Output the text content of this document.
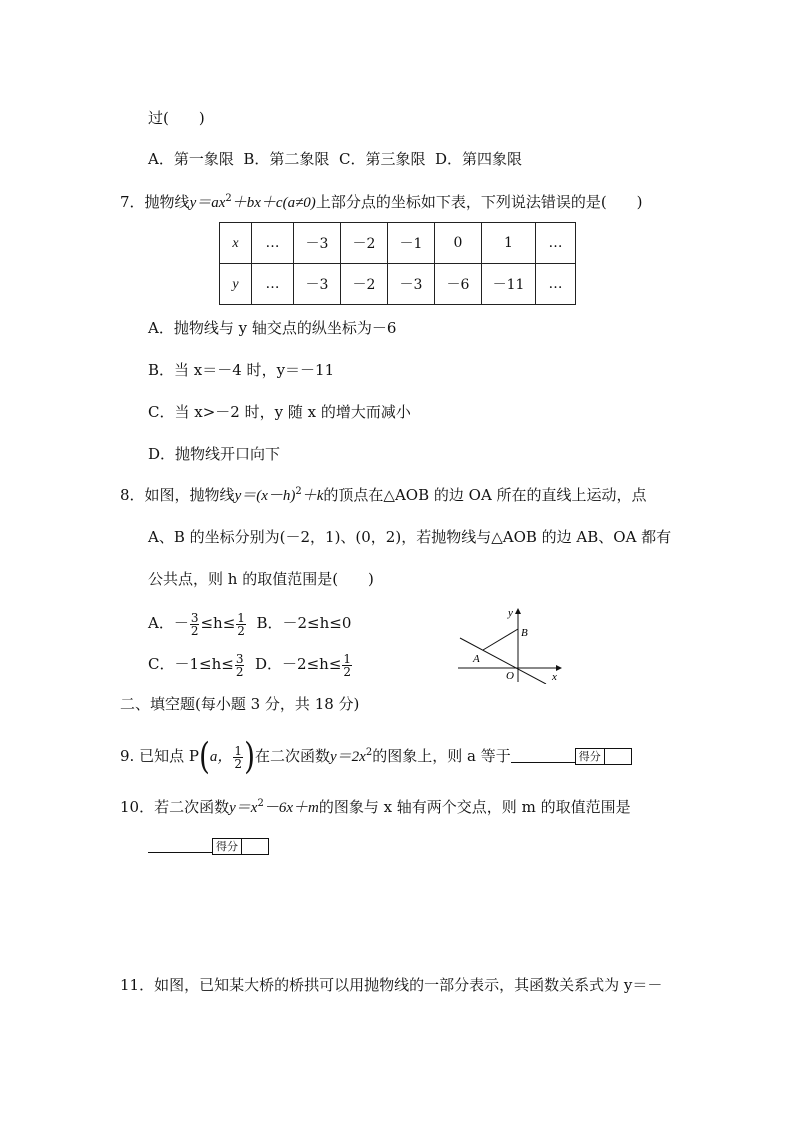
过(　　)
A．第一象限 B．第二象限 C．第三象限 D．第四象限
7．抛物线$y=ax^2+bx+c(a\ne 0)$上部分点的坐标如下表，下列说法错误的是(　　)
x	…	－3	－2	－1	0	1	…
y	…	－3	－2	－3	－6	－11	…
A．抛物线与 y 轴交点的纵坐标为－6
B．当 x＝－4 时，y＝－11
C．当 x>－2 时，y 随 x 的增大而减小
D．抛物线开口向下
8．如图，抛物线$y=(x-h)^2+k$的顶点在△AOB 的边 OA 所在的直线上运动，点
A、B 的坐标分别为(－2，1)、(0，2)，若抛物线与△AOB 的边 AB、OA 都有
公共点，则 h 的取值范围是(　　)
A．－ $\frac{3}{2} \le h\le \frac{1}{2}$ B．－2≤h≤0
C．$-1\le h\le \frac{3}{2}$ D．$-2\le h\le \frac{1}{2}$
y
B
A
O	x
二、填空题(每小题 3 分，共 18 分)
9. 已知点 P(a， $\frac{1}{2}$ )在二次函数$y=2x^2$的图象上，则 a 等于	得分
10．若二次函数$y=x^2-6x+m$的图象与 x 轴有两个交点，则 m 的取值范围是
得分
11．如图，已知某大桥的桥拱可以用抛物线的一部分表示，其函数关系式为 y＝－
